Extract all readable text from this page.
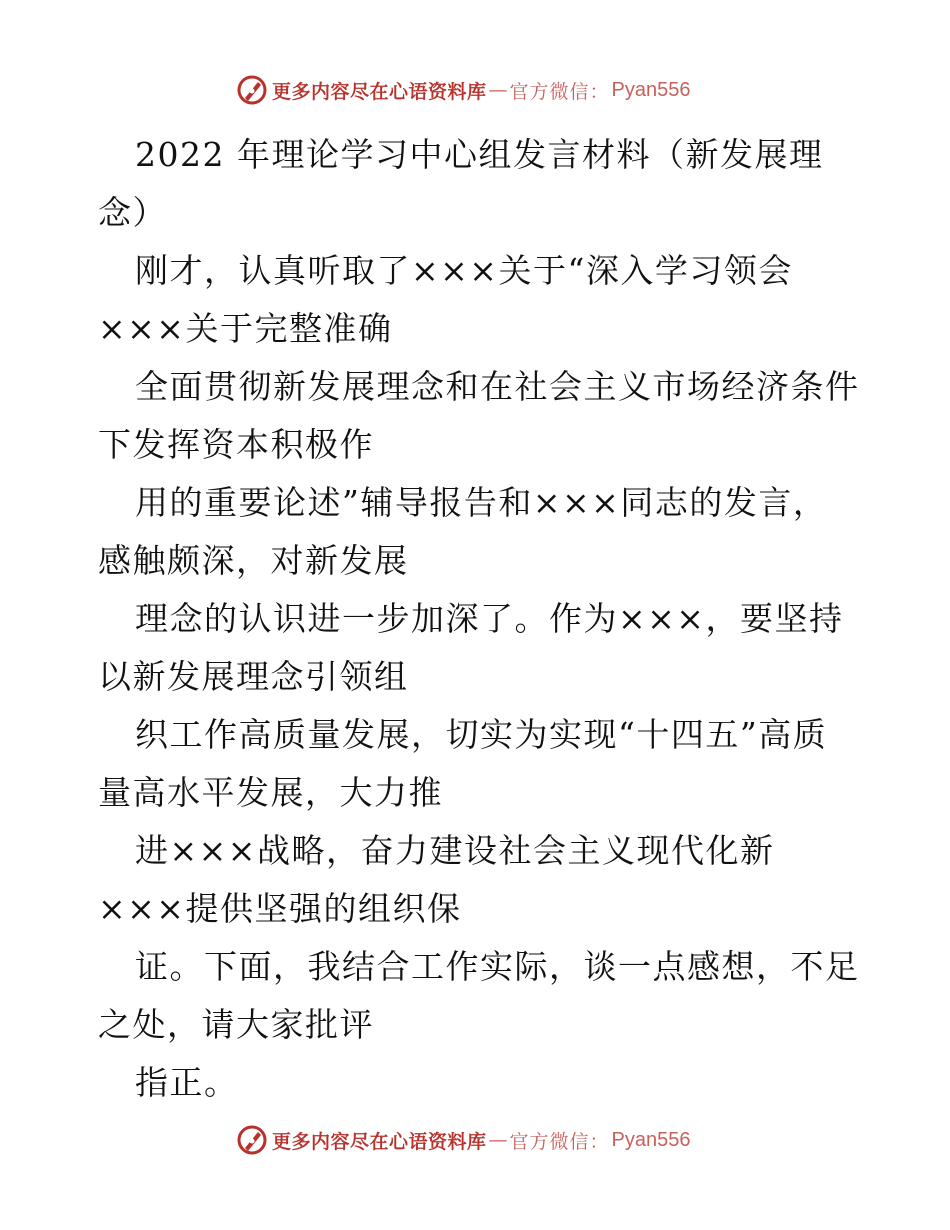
更多内容尽在心语资料库 — 官方微信： Pyan556
2022 年理论学习中心组发言材料（新发展理
念）
刚才，认真听取了×××关于“深入学习领会
×××关于完整准确
全面贯彻新发展理念和在社会主义市场经济条件
下发挥资本积极作
用的重要论述”辅导报告和×××同志的发言，
感触颇深，对新发展
理念的认识进一步加深了。作为×××，要坚持
以新发展理念引领组
织工作高质量发展，切实为实现“十四五”高质
量高水平发展，大力推
进×××战略，奋力建设社会主义现代化新
×××提供坚强的组织保
证。下面，我结合工作实际，谈一点感想，不足
之处，请大家批评
指正。
更多内容尽在心语资料库 — 官方微信： Pyan556
